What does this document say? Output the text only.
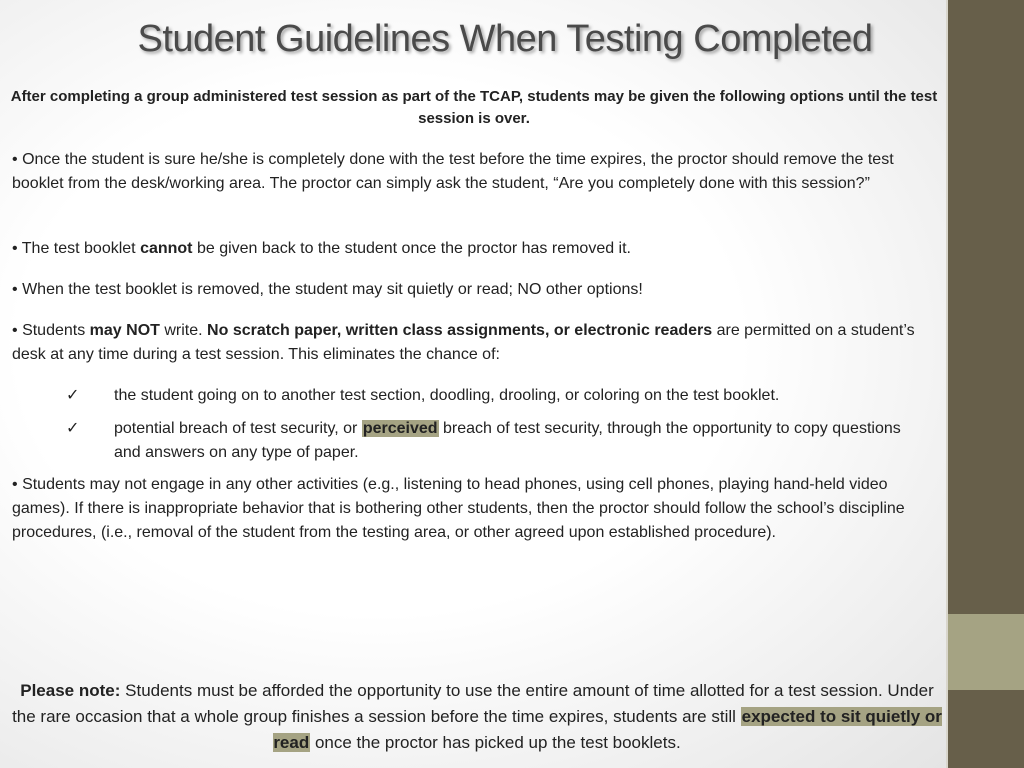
Student Guidelines When Testing Completed
After completing a group administered test session as part of the TCAP, students may be given the following options until the test session is over.
• Once the student is sure he/she is completely done with the test before the time expires, the proctor should remove the test booklet from the desk/working area. The proctor can simply ask the student, “Are you completely done with this session?”
• The test booklet cannot be given back to the student once the proctor has removed it.
• When the test booklet is removed, the student may sit quietly or read; NO other options!
• Students may NOT write. No scratch paper, written class assignments, or electronic readers are permitted on a student’s desk at any time during a test session. This eliminates the chance of:
✓	the student going on to another test section, doodling, drooling, or coloring on the test booklet.
✓	potential breach of test security, or perceived breach of test security, through the opportunity to copy questions and answers on any type of paper.
• Students may not engage in any other activities (e.g., listening to head phones, using cell phones, playing hand-held video games). If there is inappropriate behavior that is bothering other students, then the proctor should follow the school’s discipline procedures, (i.e., removal of the student from the testing area, or other agreed upon established procedure).
Please note: Students must be afforded the opportunity to use the entire amount of time allotted for a test session. Under the rare occasion that a whole group finishes a session before the time expires, students are still expected to sit quietly or read once the proctor has picked up the test booklets.
